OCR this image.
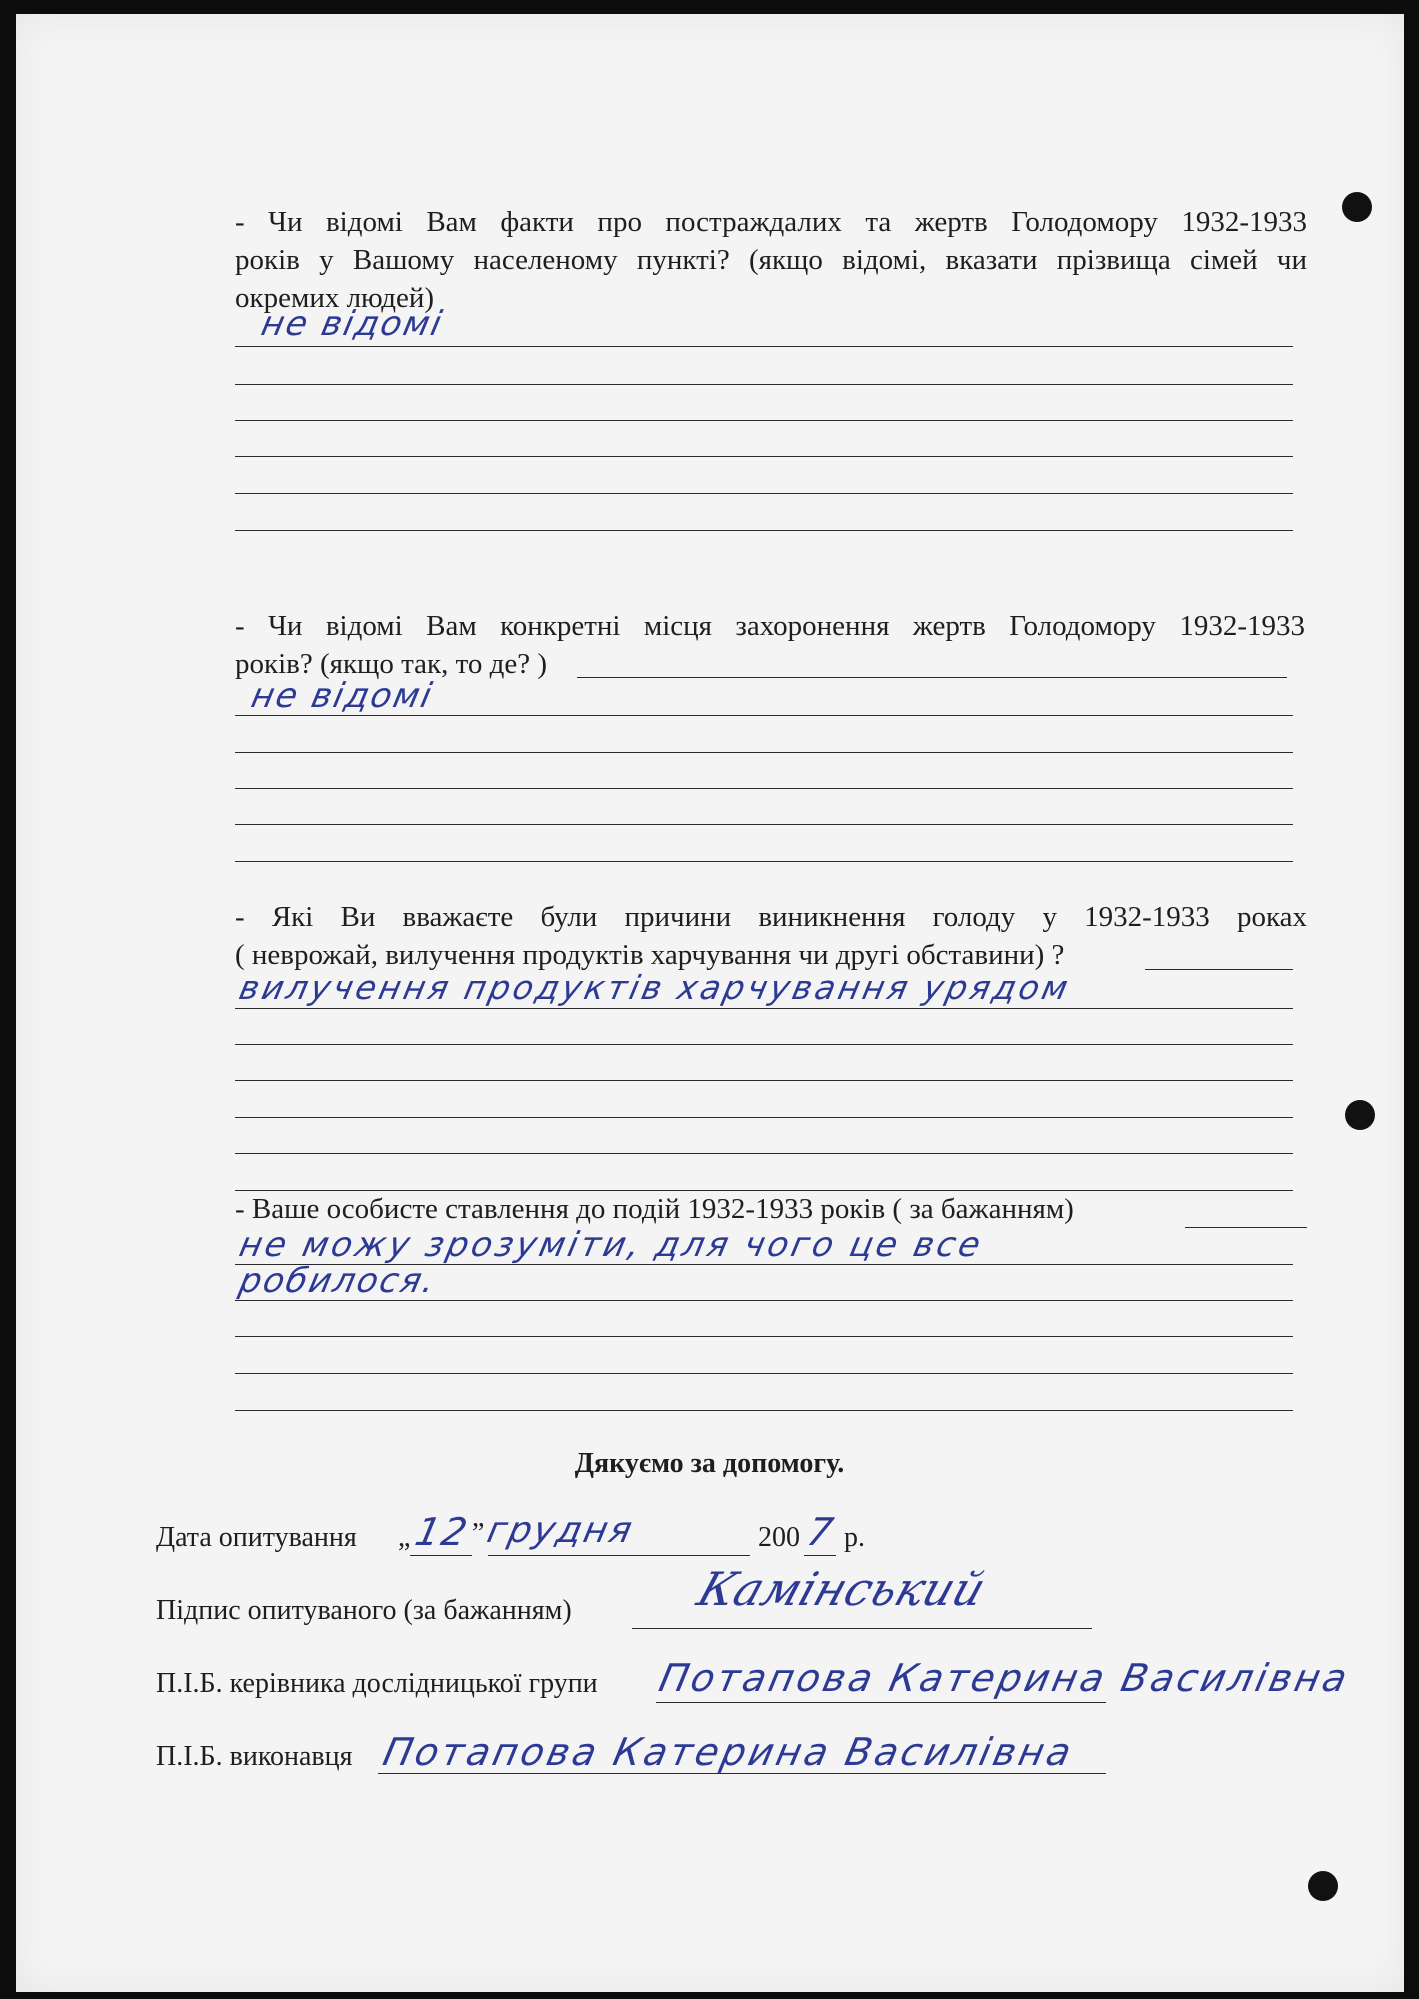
- Чи відомі Вам факти про постраждалих та жертв Голодомору 1932-1933
років у Вашому населеному пункті? (якщо відомі, вказати прізвища сімей чи
окремих людей)
не відомі
- Чи відомі Вам конкретні місця захоронення жертв Голодомору 1932-1933
років? (якщо так, то де? )
не відомі
- Які Ви вважаєте були причини виникнення голоду у 1932-1933 роках
( неврожай, вилучення продуктів харчування чи другі обставини) ?
вилучення продуктів харчування урядом
- Ваше особисте ставлення до подій 1932-1933 років ( за бажанням)
не можу зрозуміти, для чого це все
робилося.
Дякуємо за допомогу.
Дата опитування „ 12
” грудня	200 7 р.
Підпис опитуваного (за бажанням)	Камінський
П.І.Б. керівника дослідницької групи Потапова Катерина Василівна
П.І.Б. виконавця Потапова Катерина Василівна
